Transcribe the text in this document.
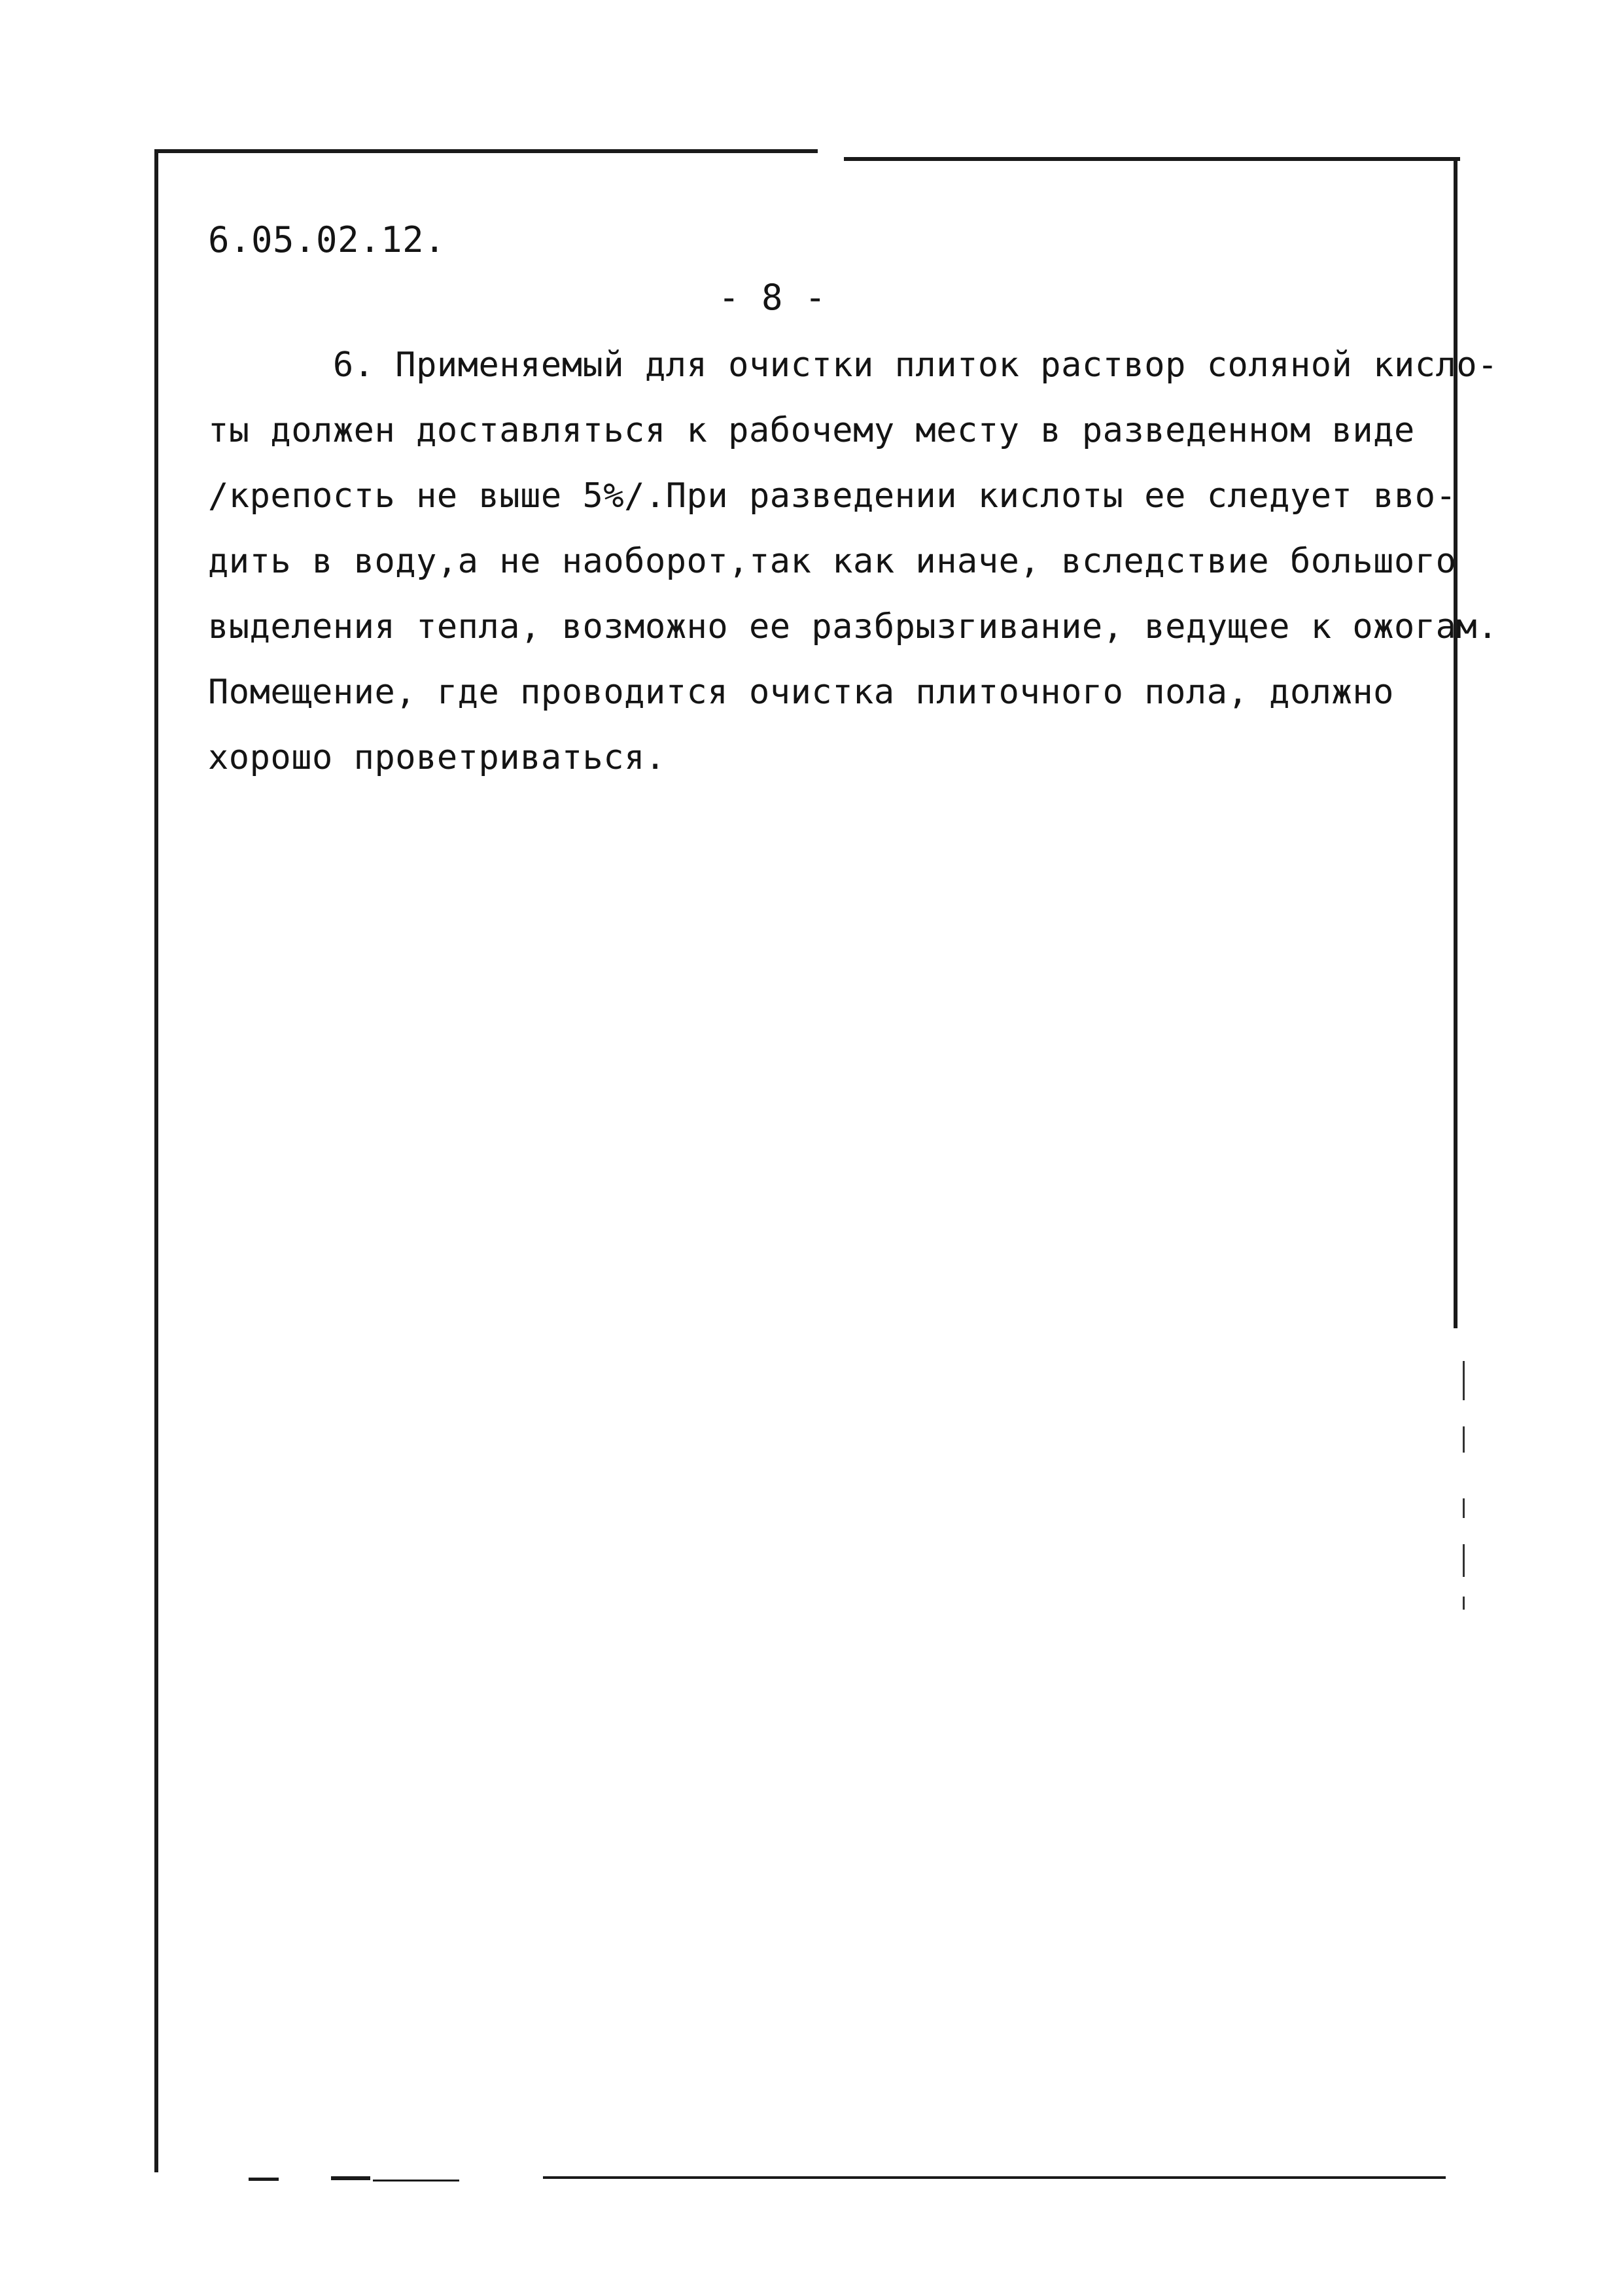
6.05.02.12.
- 8 -
6. Применяемый для очистки плиток раствор соляной кисло-
ты должен доставляться к рабочему месту в разведенном виде
/крепость не выше 5%/.При разведении кислоты ее следует вво-
дить в воду,а не наоборот,так как иначе, вследствие большого
выделения тепла, возможно ее разбрызгивание, ведущее к ожогам.
Помещение, где проводится очистка плиточного пола, должно
хорошо проветриваться.
